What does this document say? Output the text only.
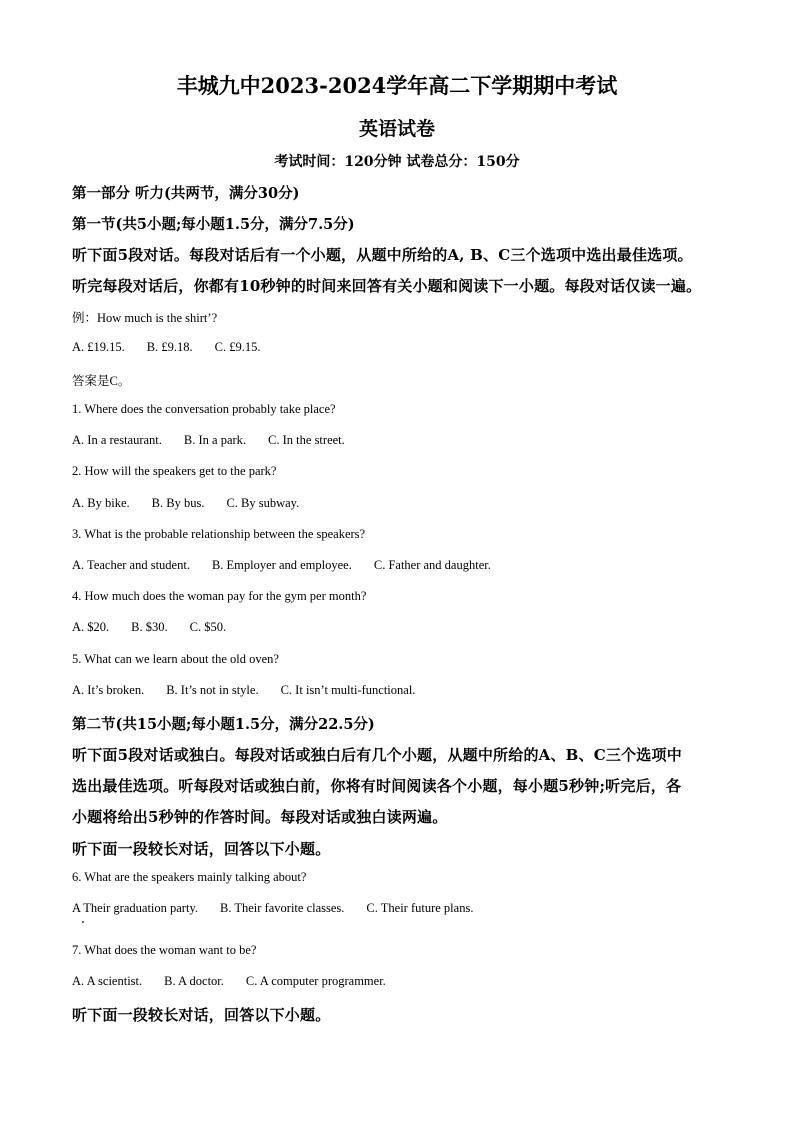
丰城九中2023-2024学年高二下学期期中考试
英语试卷
考试时间：120分钟 试卷总分：150分
第一部分 听力(共两节，满分30分)
第一节(共5小题;每小题1.5分，满分7.5分)
听下面5段对话。每段对话后有一个小题，从题中所给的A, B、C三个选项中选出最佳选项。
听完每段对话后，你都有10秒钟的时间来回答有关小题和阅读下一小题。每段对话仅读一遍。
例：How much is the shirt’?
A. £19.15. B. £9.18. C. £9.15.
答案是C。
1. Where does the conversation probably take place?
A. In a restaurant. B. In a park. C. In the street.
2. How will the speakers get to the park?
A. By bike. B. By bus. C. By subway.
3. What is the probable relationship between the speakers?
A. Teacher and student. B. Employer and employee. C. Father and daughter.
4. How much does the woman pay for the gym per month?
A. $20. B. $30. C. $50.
5. What can we learn about the old oven?
A. It’s broken. B. It’s not in style. C. It isn’t multi-functional.
第二节(共15小题;每小题1.5分，满分22.5分)
听下面5段对话或独白。每段对话或独白后有几个小题，从题中所给的A、B、C三个选项中
选出最佳选项。听每段对话或独白前，你将有时间阅读各个小题，每小题5秒钟;听完后，各
小题将给出5秒钟的作答时间。每段对话或独白读两遍。
听下面一段较长对话，回答以下小题。
6. What are the speakers mainly talking about?
A Their graduation party. B. Their favorite classes. C. Their future plans.
7. What does the woman want to be?
A. A scientist. B. A doctor. C. A computer programmer.
听下面一段较长对话，回答以下小题。
